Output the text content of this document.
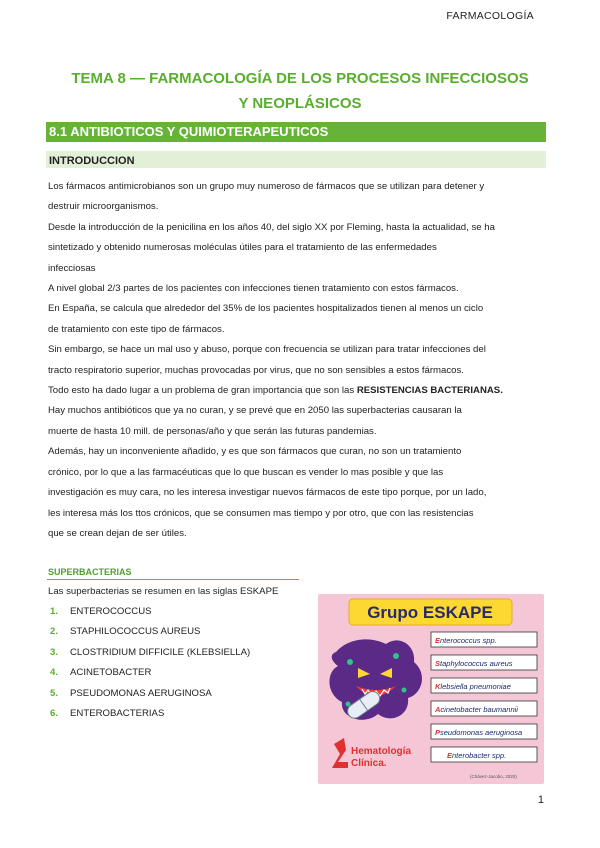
FARMACOLOGÍA
TEMA 8 — FARMACOLOGÍA DE LOS PROCESOS INFECCIOSOS
Y NEOPLÁSICOS
8.1 ANTIBIOTICOS Y QUIMIOTERAPEUTICOS
INTRODUCCION

Los fármacos antimicrobianos son un grupo muy numeroso de fármacos que se utilizan para detener y

destruir microorganismos.

Desde la introducción de la penicilina en los años 40, del siglo XX por Fleming, hasta la actualidad, se ha

sintetizado y obtenido numerosas moléculas útiles para el tratamiento de las enfermedades

infecciosas

A nivel global 2/3 partes de los pacientes con infecciones tienen tratamiento con estos fármacos.

En España, se calcula que alrededor del 35% de los pacientes hospitalizados tienen al menos un ciclo

de tratamiento con este tipo de fármacos.

Sin embargo, se hace un mal uso y abuso, porque con frecuencia se utilizan para tratar infecciones del

tracto respiratorio superior, muchas provocadas por virus, que no son sensibles a estos fármacos.

Todo esto ha dado lugar a un problema de gran importancia que son las RESISTENCIAS BACTERIANAS.

Hay muchos antibióticos que ya no curan, y se prevé que en 2050 las superbacterias causaran la

muerte de hasta 10 mill. de personas/año y que serán las futuras pandemias.

Además, hay un inconveniente añadido, y es que son fármacos que curan, no son un tratamiento

crónico, por lo que a las farmacéuticas que lo que buscan es vender lo mas posible y que las

investigación es muy cara, no les interesa investigar nuevos fármacos de este tipo porque, por un lado,

les interesa más los ttos crónicos, que se consumen mas tiempo y por otro, que con las resistencias

que se crean dejan de ser útiles.

SUPERBACTERIAS
Las superbacterias se resumen en las siglas ESKAPE
1. ENTEROCOCCUS
2. STAPHILOCOCCUS AUREUS
3. CLOSTRIDIUM DIFFICILE (KLEBSIELLA)
4. ACINETOBACTER
5. PSEUDOMONAS AERUGINOSA
6. ENTEROBACTERIAS
Grupo ESKAPE
Enterococcus spp.
Staphylococcus aureus
Klebsiella pneumoniae
Acinetobacter baumannii
Pseudomonas aeruginosa
Enterobacter spp.
Hematología
Clínica.
(Chávez-Jacobo, 2020)
1
